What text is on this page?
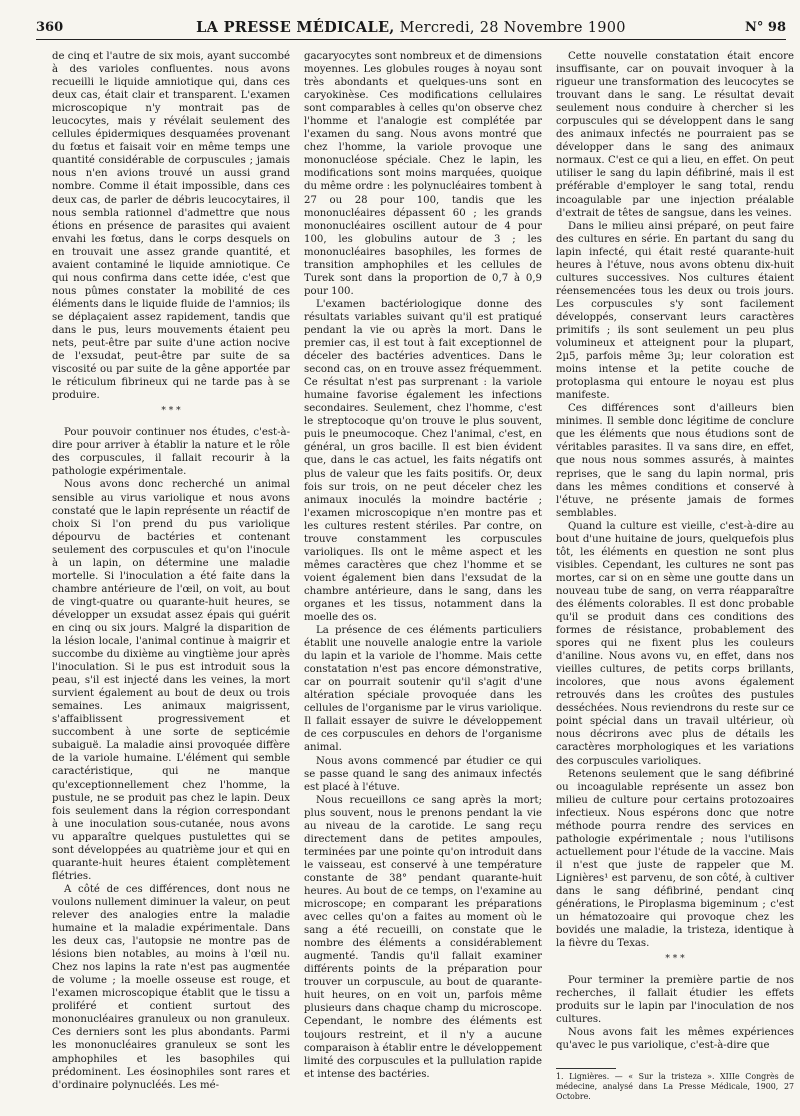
360	LA PRESSE MÉDICALE, Mercredi, 28 Novembre 1900	N° 98

de cinq et l'autre de six mois, ayant succombé à des varioles confluentes. nous avons recueilli le liquide amniotique qui, dans ces deux cas, était clair et transparent. L'examen microscopique n'y montrait pas de leucocytes, mais y révélait seulement des cellules épidermiques desquamées provenant du fœtus et faisait voir en même temps une quantité considérable de corpuscules ; jamais nous n'en avions trouvé un aussi grand nombre. Comme il était impossible, dans ces deux cas, de parler de débris leucocytaires, il nous sembla rationnel d'admettre que nous étions en présence de parasites qui avaient envahi les fœtus, dans le corps desquels on en trouvait une assez grande quantité, et avaient contaminé le liquide amniotique. Ce qui nous confirma dans cette idée, c'est que nous pûmes constater la mobilité de ces éléments dans le liquide fluide de l'amnios; ils se déplaçaient assez rapidement, tandis que dans le pus, leurs mouvements étaient peu nets, peut-être par suite d'une action nocive de l'exsudat, peut-être par suite de sa viscosité ou par suite de la gêne apportée par le réticulum fibrineux qui ne tarde pas à se produire.

* * *

Pour pouvoir continuer nos études, c'est-à-dire pour arriver à établir la nature et le rôle des corpuscules, il fallait recourir à la pathologie expérimentale.

Nous avons donc recherché un animal sensible au virus variolique et nous avons constaté que le lapin représente un réactif de choix Si l'on prend du pus variolique dépourvu de bactéries et contenant seulement des corpuscules et qu'on l'inocule à un lapin, on détermine une maladie mortelle. Si l'inoculation a été faite dans la chambre antérieure de l'œil, on voit, au bout de vingt-quatre ou quarante-huit heures, se développer un exsudat assez épais qui guérit en cinq ou six jours. Malgré la disparition de la lésion locale, l'animal continue à maigrir et succombe du dixième au vingtième jour après l'inoculation. Si le pus est introduit sous la peau, s'il est injecté dans les veines, la mort survient également au bout de deux ou trois semaines. Les animaux maigrissent, s'affaiblissent progressivement et succombent à une sorte de septicémie subaiguë. La maladie ainsi provoquée diffère de la variole humaine. L'élément qui semble caractéristique, qui ne manque qu'exceptionnellement chez l'homme, la pustule, ne se produit pas chez le lapin. Deux fois seulement dans la région correspondant à une inoculation sous-cutanée, nous avons vu apparaître quelques pustulettes qui se sont développées au quatrième jour et qui en quarante-huit heures étaient complètement flétries.

A côté de ces différences, dont nous ne voulons nullement diminuer la valeur, on peut relever des analogies entre la maladie humaine et la maladie expérimentale. Dans les deux cas, l'autopsie ne montre pas de lésions bien notables, au moins à l'œil nu. Chez nos lapins la rate n'est pas augmentée de volume ; la moelle osseuse est rouge, et l'examen microscopique établit que le tissu a proliféré et contient surtout des mononucléaires granuleux ou non granuleux. Ces derniers sont les plus abondants. Parmi les mononucléaires granuleux se sont les amphophiles et les basophiles qui prédominent. Les éosinophiles sont rares et d'ordinaire polynucléés. Les mé-

gacaryocytes sont nombreux et de dimensions moyennes. Les globules rouges à noyau sont très abondants et quelques-uns sont en caryokinèse. Ces modifications cellulaires sont comparables à celles qu'on observe chez l'homme et l'analogie est complétée par l'examen du sang. Nous avons montré que chez l'homme, la variole provoque une mononucléose spéciale. Chez le lapin, les modifications sont moins marquées, quoique du même ordre : les polynucléaires tombent à 27 ou 28 pour 100, tandis que les mononucléaires dépassent 60 ; les grands mononucléaires oscillent autour de 4 pour 100, les globulins autour de 3 ; les mononucléaires basophiles, les formes de transition amphophiles et les cellules de Turek sont dans la proportion de 0,7 à 0,9 pour 100.

L'examen bactériologique donne des résultats variables suivant qu'il est pratiqué pendant la vie ou après la mort. Dans le premier cas, il est tout à fait exceptionnel de déceler des bactéries adventices. Dans le second cas, on en trouve assez fréquemment. Ce résultat n'est pas surprenant : la variole humaine favorise également les infections secondaires. Seulement, chez l'homme, c'est le streptocoque qu'on trouve le plus souvent, puis le pneumocoque. Chez l'animal, c'est, en général, un gros bacille. Il est bien évident que, dans le cas actuel, les faits négatifs ont plus de valeur que les faits positifs. Or, deux fois sur trois, on ne peut déceler chez les animaux inoculés la moindre bactérie ; l'examen microscopique n'en montre pas et les cultures restent stériles. Par contre, on trouve constamment les corpuscules varioliques. Ils ont le même aspect et les mêmes caractères que chez l'homme et se voient également bien dans l'exsudat de la chambre antérieure, dans le sang, dans les organes et les tissus, notamment dans la moelle des os.

La présence de ces éléments particuliers établit une nouvelle analogie entre la variole du lapin et la variole de l'homme. Mais cette constatation n'est pas encore démonstrative, car on pourrait soutenir qu'il s'agit d'une altération spéciale provoquée dans les cellules de l'organisme par le virus variolique. Il fallait essayer de suivre le développement de ces corpuscules en dehors de l'organisme animal.

Nous avons commencé par étudier ce qui se passe quand le sang des animaux infectés est placé à l'étuve.

Nous recueillons ce sang après la mort; plus souvent, nous le prenons pendant la vie au niveau de la carotide. Le sang reçu directement dans de petites ampoules, terminées par une pointe qu'on introduit dans le vaisseau, est conservé à une température constante de 38° pendant quarante-huit heures. Au bout de ce temps, on l'examine au microscope; en comparant les préparations avec celles qu'on a faites au moment où le sang a été recueilli, on constate que le nombre des éléments a considérablement augmenté. Tandis qu'il fallait examiner différents points de la préparation pour trouver un corpuscule, au bout de quarante-huit heures, on en voit un, parfois même plusieurs dans chaque champ du microscope. Cependant, le nombre des éléments est toujours restreint, et il n'y a aucune comparaison à établir entre le développement limité des corpuscules et la pullulation rapide et intense des bactéries.

Cette nouvelle constatation était encore insuffisante, car on pouvait invoquer à la rigueur une transformation des leucocytes se trouvant dans le sang. Le résultat devait seulement nous conduire à chercher si les corpuscules qui se développent dans le sang des animaux infectés ne pourraient pas se développer dans le sang des animaux normaux. C'est ce qui a lieu, en effet. On peut utiliser le sang du lapin défibriné, mais il est préférable d'employer le sang total, rendu incoagulable par une injection préalable d'extrait de têtes de sangsue, dans les veines.

Dans le milieu ainsi préparé, on peut faire des cultures en série. En partant du sang du lapin infecté, qui était resté quarante-huit heures à l'étuve, nous avons obtenu dix-huit cultures successives. Nos cultures étaient réensemencées tous les deux ou trois jours. Les corpuscules s'y sont facilement développés, conservant leurs caractères primitifs ; ils sont seulement un peu plus volumineux et atteignent pour la plupart, 2µ5, parfois même 3µ; leur coloration est moins intense et la petite couche de protoplasma qui entoure le noyau est plus manifeste.

Ces différences sont d'ailleurs bien minimes. Il semble donc légitime de conclure que les éléments que nous étudions sont de véritables parasites. Il va sans dire, en effet, que nous nous sommes assurés, à maintes reprises, que le sang du lapin normal, pris dans les mêmes conditions et conservé à l'étuve, ne présente jamais de formes semblables.

Quand la culture est vieille, c'est-à-dire au bout d'une huitaine de jours, quelquefois plus tôt, les éléments en question ne sont plus visibles. Cependant, les cultures ne sont pas mortes, car si on en sème une goutte dans un nouveau tube de sang, on verra réapparaître des éléments colorables. Il est donc probable qu'il se produit dans ces conditions des formes de résistance, probablement des spores qui ne fixent plus les couleurs d'aniline. Nous avons vu, en effet, dans nos vieilles cultures, de petits corps brillants, incolores, que nous avons également retrouvés dans les croûtes des pustules desséchées. Nous reviendrons du reste sur ce point spécial dans un travail ultérieur, où nous décrirons avec plus de détails les caractères morphologiques et les variations des corpuscules varioliques.

Retenons seulement que le sang défibriné ou incoagulable représente un assez bon milieu de culture pour certains protozoaires infectieux. Nous espérons donc que notre méthode pourra rendre des services en pathologie expérimentale ; nous l'utilisons actuellement pour l'étude de la vaccine. Mais il n'est que juste de rappeler que M. Lignières¹ est parvenu, de son côté, à cultiver dans le sang défibriné, pendant cinq générations, le Piroplasma bigeminum ; c'est un hématozoaire qui provoque chez les bovidés une maladie, la tristeza, identique à la fièvre du Texas.

* * *

Pour terminer la première partie de nos recherches, il fallait étudier les effets produits sur le lapin par l'inoculation de nos cultures.

Nous avons fait les mêmes expériences qu'avec le pus variolique, c'est-à-dire que

1. Lignières. — « Sur la tristeza ». XIIIe Congrès de médecine, analysé dans La Presse Médicale, 1900, 27 Octobre.
